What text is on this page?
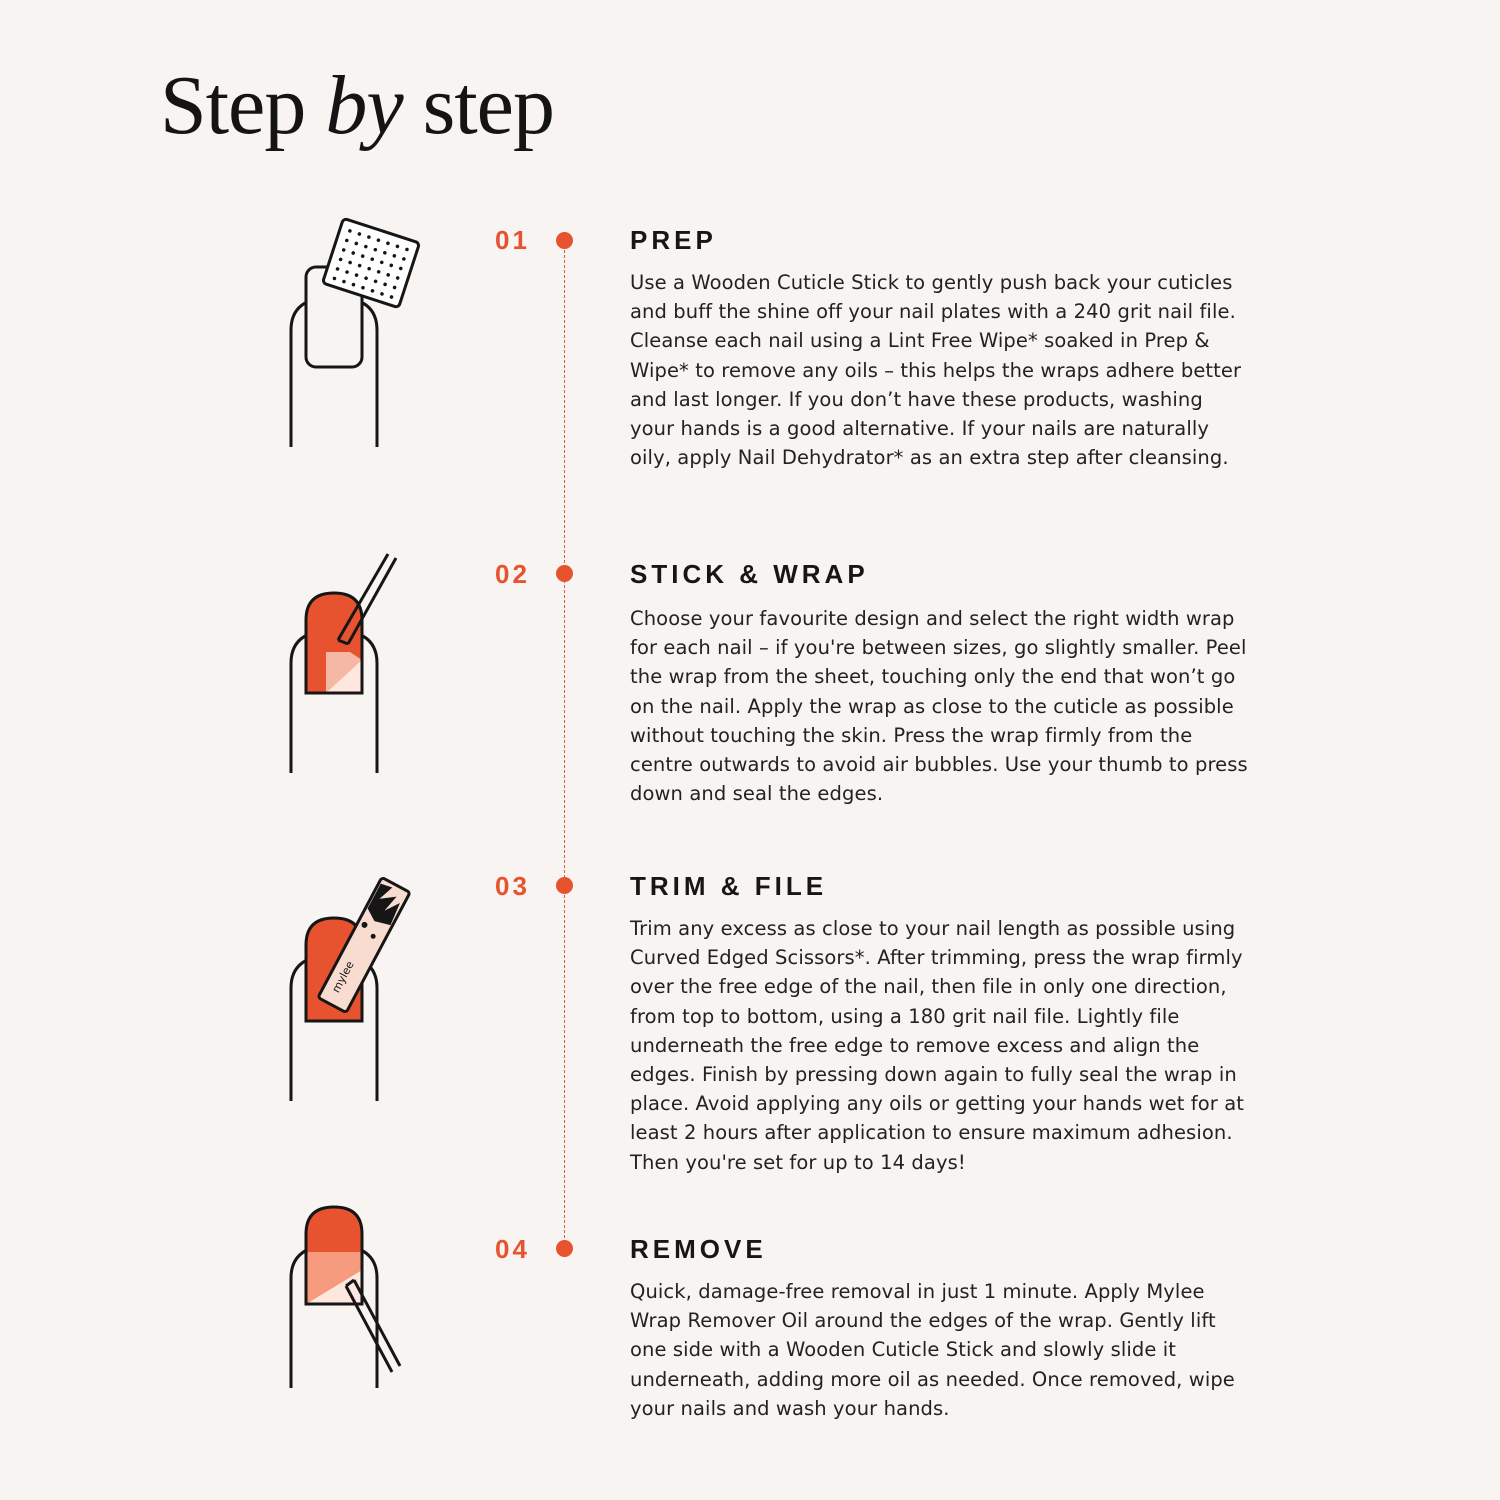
Step by step

01	PREP

Use a Wooden Cuticle Stick to gently push back your cuticles and buff the shine off your nail plates with a 240 grit nail file. Cleanse each nail using a Lint Free Wipe* soaked in Prep & Wipe* to remove any oils – this helps the wraps adhere better and last longer. If you don’t have these products, washing your hands is a good alternative. If your nails are naturally oily, apply Nail Dehydrator* as an extra step after cleansing.

02	STICK & WRAP

Choose your favourite design and select the right width wrap for each nail – if you're between sizes, go slightly smaller. Peel the wrap from the sheet, touching only the end that won’t go on the nail. Apply the wrap as close to the cuticle as possible without touching the skin. Press the wrap firmly from the centre outwards to avoid air bubbles. Use your thumb to press down and seal the edges.

mylee

03	TRIM & FILE

Trim any excess as close to your nail length as possible using Curved Edged Scissors*. After trimming, press the wrap firmly over the free edge of the nail, then file in only one direction, from top to bottom, using a 180 grit nail file. Lightly file underneath the free edge to remove excess and align the edges. Finish by pressing down again to fully seal the wrap in place. Avoid applying any oils or getting your hands wet for at least 2 hours after application to ensure maximum adhesion. Then you're set for up to 14 days!

04	REMOVE

Quick, damage-free removal in just 1 minute. Apply Mylee Wrap Remover Oil around the edges of the wrap. Gently lift one side with a Wooden Cuticle Stick and slowly slide it underneath, adding more oil as needed. Once removed, wipe your nails and wash your hands.
